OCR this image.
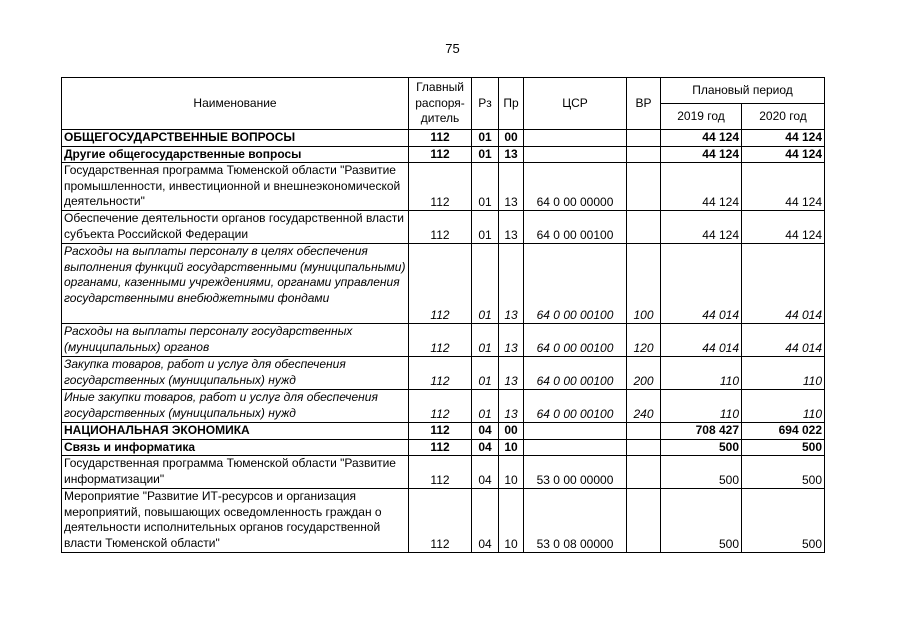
75
Наименование	Главный распоря-дитель	Рз	Пр	ЦСР	ВР	Плановый период	
						2019 год	2020 год
ОБЩЕГОСУДАРСТВЕННЫЕ ВОПРОСЫ	112	01	00			44 124	44 124
Другие общегосударственные вопросы	112	01	13			44 124	44 124
Государственная программа Тюменской области "Развитие промышленности, инвестиционной и внешнеэкономической деятельности"	112	01	13	64 0 00 00000		44 124	44 124
Обеспечение деятельности органов государственной власти субъекта Российской Федерации	112	01	13	64 0 00 00100		44 124	44 124
Расходы на выплаты персоналу в целях обеспечения выполнения функций государственными (муниципальными) органами, казенными учреждениями, органами управления государственными внебюджетными фондами	112	01	13	64 0 00 00100	100	44 014	44 014
Расходы на выплаты персоналу государственных (муниципальных) органов	112	01	13	64 0 00 00100	120	44 014	44 014
Закупка товаров, работ и услуг для обеспечения государственных (муниципальных) нужд	112	01	13	64 0 00 00100	200	110	110
Иные закупки товаров, работ и услуг для обеспечения государственных (муниципальных) нужд	112	01	13	64 0 00 00100	240	110	110
НАЦИОНАЛЬНАЯ ЭКОНОМИКА	112	04	00			708 427	694 022
Связь и информатика	112	04	10			500	500
Государственная программа Тюменской области "Развитие информатизации"	112	04	10	53 0 00 00000		500	500
Мероприятие "Развитие ИТ-ресурсов и организация мероприятий, повышающих осведомленность граждан о деятельности исполнительных органов государственной власти Тюменской области"	112	04	10	53 0 08 00000		500	500
